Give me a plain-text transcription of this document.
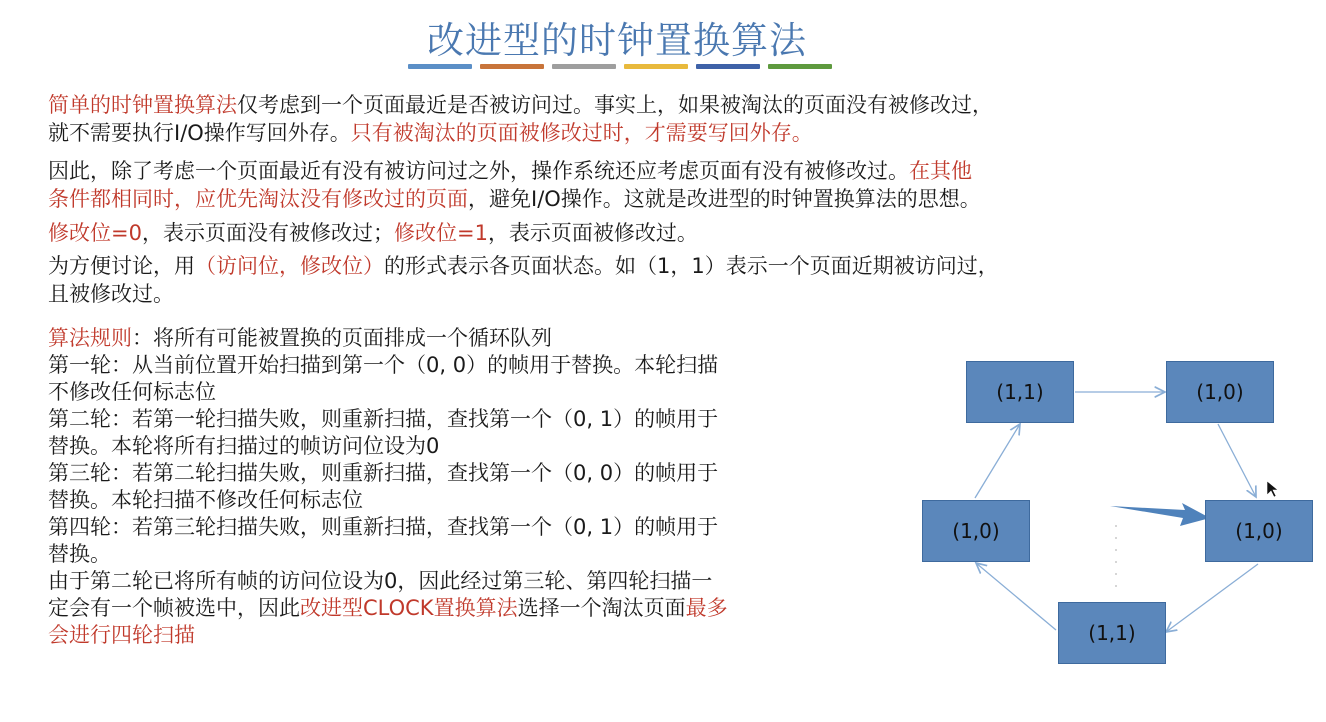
改进型的时钟置换算法
简单的时钟置换算法仅考虑到一个页面最近是否被访问过。事实上，如果被淘汰的页面没有被修改过，
就不需要执行I/O操作写回外存。只有被淘汰的页面被修改过时，才需要写回外存。
因此，除了考虑一个页面最近有没有被访问过之外，操作系统还应考虑页面有没有被修改过。在其他
条件都相同时，应优先淘汰没有修改过的页面，避免I/O操作。这就是改进型的时钟置换算法的思想。
修改位=0，表示页面没有被修改过；修改位=1，表示页面被修改过。
为方便讨论，用（访问位，修改位）的形式表示各页面状态。如（1，1）表示一个页面近期被访问过，
且被修改过。
算法规则：将所有可能被置换的页面排成一个循环队列
第一轮：从当前位置开始扫描到第一个（0, 0）的帧用于替换。本轮扫描
不修改任何标志位
第二轮：若第一轮扫描失败，则重新扫描，查找第一个（0, 1）的帧用于
替换。本轮将所有扫描过的帧访问位设为0
第三轮：若第二轮扫描失败，则重新扫描，查找第一个（0, 0）的帧用于
替换。本轮扫描不修改任何标志位
第四轮：若第三轮扫描失败，则重新扫描，查找第一个（0, 1）的帧用于
替换。
由于第二轮已将所有帧的访问位设为0，因此经过第三轮、第四轮扫描一
定会有一个帧被选中，因此改进型CLOCK置换算法选择一个淘汰页面最多
会进行四轮扫描
(1,1)	(1,0)
(1,0)
(1,1)
(1,0)
